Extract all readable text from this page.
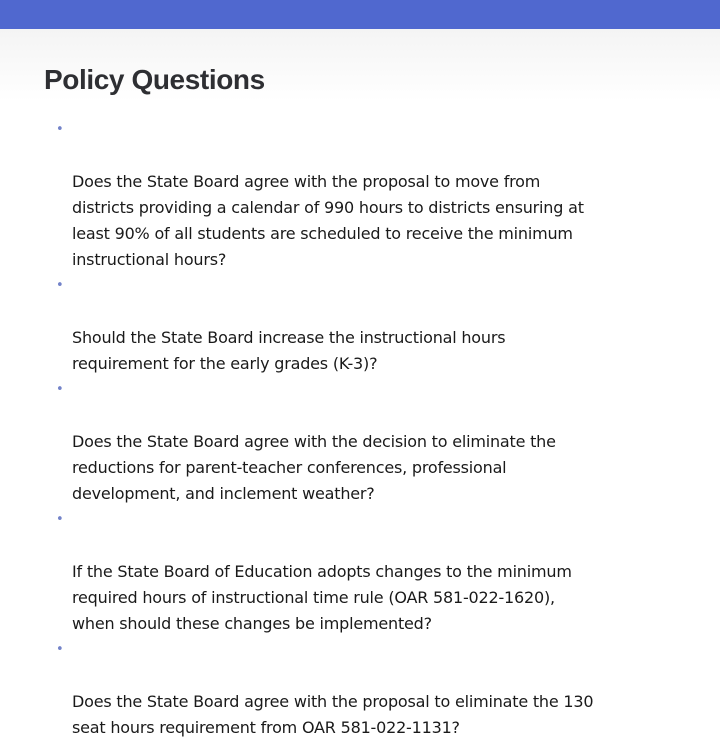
Policy Questions

•

Does the State Board agree with the proposal to move from
districts providing a calendar of 990 hours to districts ensuring at
least 90% of all students are scheduled to receive the minimum
instructional hours?

•

Should the State Board increase the instructional hours
requirement for the early grades (K-3)?

•

Does the State Board agree with the decision to eliminate the
reductions for parent-teacher conferences, professional
development, and inclement weather?

•

If the State Board of Education adopts changes to the minimum
required hours of instructional time rule (OAR 581-022-1620),
when should these changes be implemented?

•

Does the State Board agree with the proposal to eliminate the 130
seat hours requirement from OAR 581-022-1131?
